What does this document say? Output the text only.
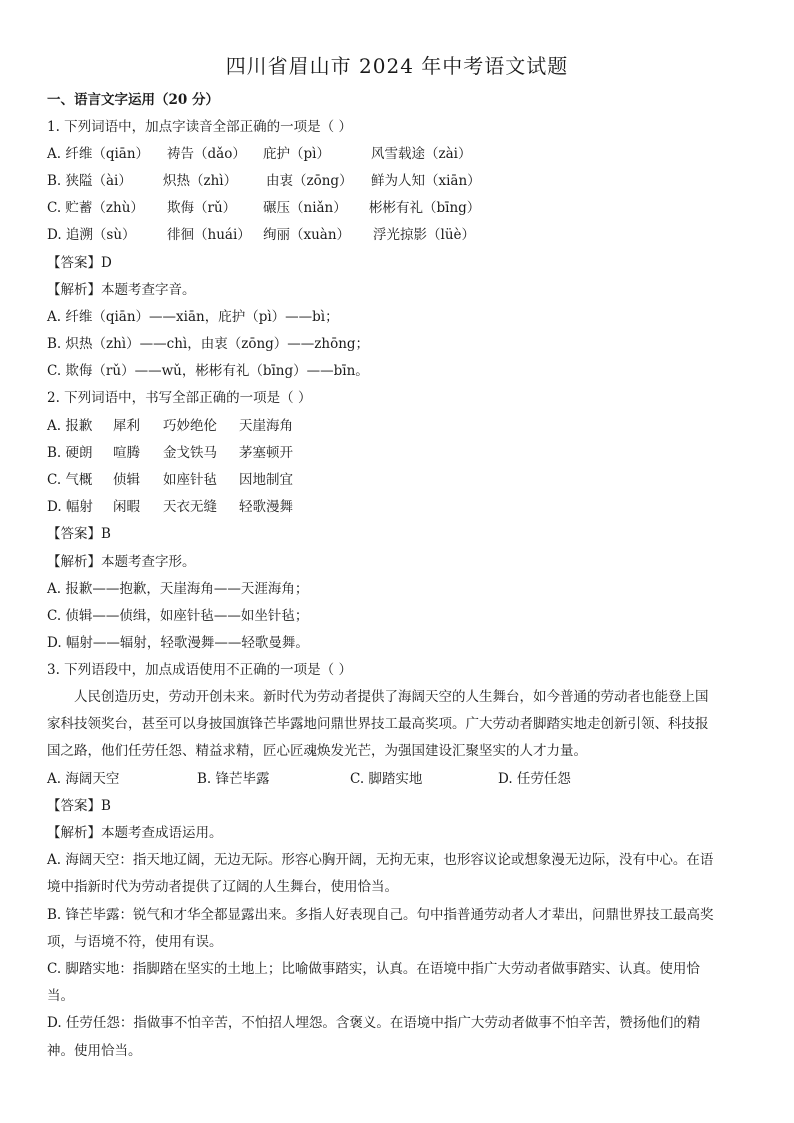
四川省眉山市 2024 年中考语文试题
一、语言文字运用（20 分）
1. 下列词语中，加点字读音全部正确的一项是（ ）
A. 纤维（qiān） 祷告（dǎo） 庇护（pì）	风雪载途（zài）
B. 狭隘（ài） 炽热（zhì） 由衷（zōng） 鲜为人知（xiān）
C. 贮蓄（zhù） 欺侮（rǔ） 碾压（niǎn） 彬彬有礼（bīng）
D. 追溯（sù） 徘徊（huái） 绚丽（xuàn） 浮光掠影（lüè）
【答案】D
【解析】本题考查字音。
A. 纤维（qiān）——xiān，庇护（pì）——bì；
B. 炽热（zhì）——chì，由衷（zōng）——zhōng；
C. 欺侮（rǔ）——wǔ，彬彬有礼（bīng）——bīn。
2. 下列词语中，书写全部正确的一项是（ ）
A. 报歉 犀利 巧妙绝伦 天崖海角
B. 硬朗 喧腾 金戈铁马 茅塞顿开
C. 气概 侦辑 如座针毡 因地制宜
D. 幅射 闲暇 天衣无缝 轻歌漫舞
【答案】B
【解析】本题考查字形。
A. 报歉——抱歉，天崖海角——天涯海角；
C. 侦辑——侦缉，如座针毡——如坐针毡；
D. 幅射——辐射，轻歌漫舞——轻歌曼舞。
3. 下列语段中，加点成语使用不正确的一项是（ ）
人民创造历史，劳动开创未来。新时代为劳动者提供了海阔天空的人生舞台，如今普通的劳动者也能登上国
家科技领奖台，甚至可以身披国旗锋芒毕露地问鼎世界技工最高奖项。广大劳动者脚踏实地走创新引领、科技报
国之路，他们任劳任怨、精益求精，匠心匠魂焕发光芒，为强国建设汇聚坚实的人才力量。
A. 海阔天空	B. 锋芒毕露	C. 脚踏实地	D. 任劳任怨
【答案】B
【解析】本题考查成语运用。
A. 海阔天空：指天地辽阔，无边无际。形容心胸开阔，无拘无束，也形容议论或想象漫无边际，没有中心。在语
境中指新时代为劳动者提供了辽阔的人生舞台，使用恰当。
B. 锋芒毕露：锐气和才华全都显露出来。多指人好表现自己。句中指普通劳动者人才辈出，问鼎世界技工最高奖
项，与语境不符，使用有误。
C. 脚踏实地：指脚踏在坚实的土地上；比喻做事踏实，认真。在语境中指广大劳动者做事踏实、认真。使用恰
当。
D. 任劳任怨：指做事不怕辛苦，不怕招人埋怨。含褒义。在语境中指广大劳动者做事不怕辛苦，赞扬他们的精
神。使用恰当。
